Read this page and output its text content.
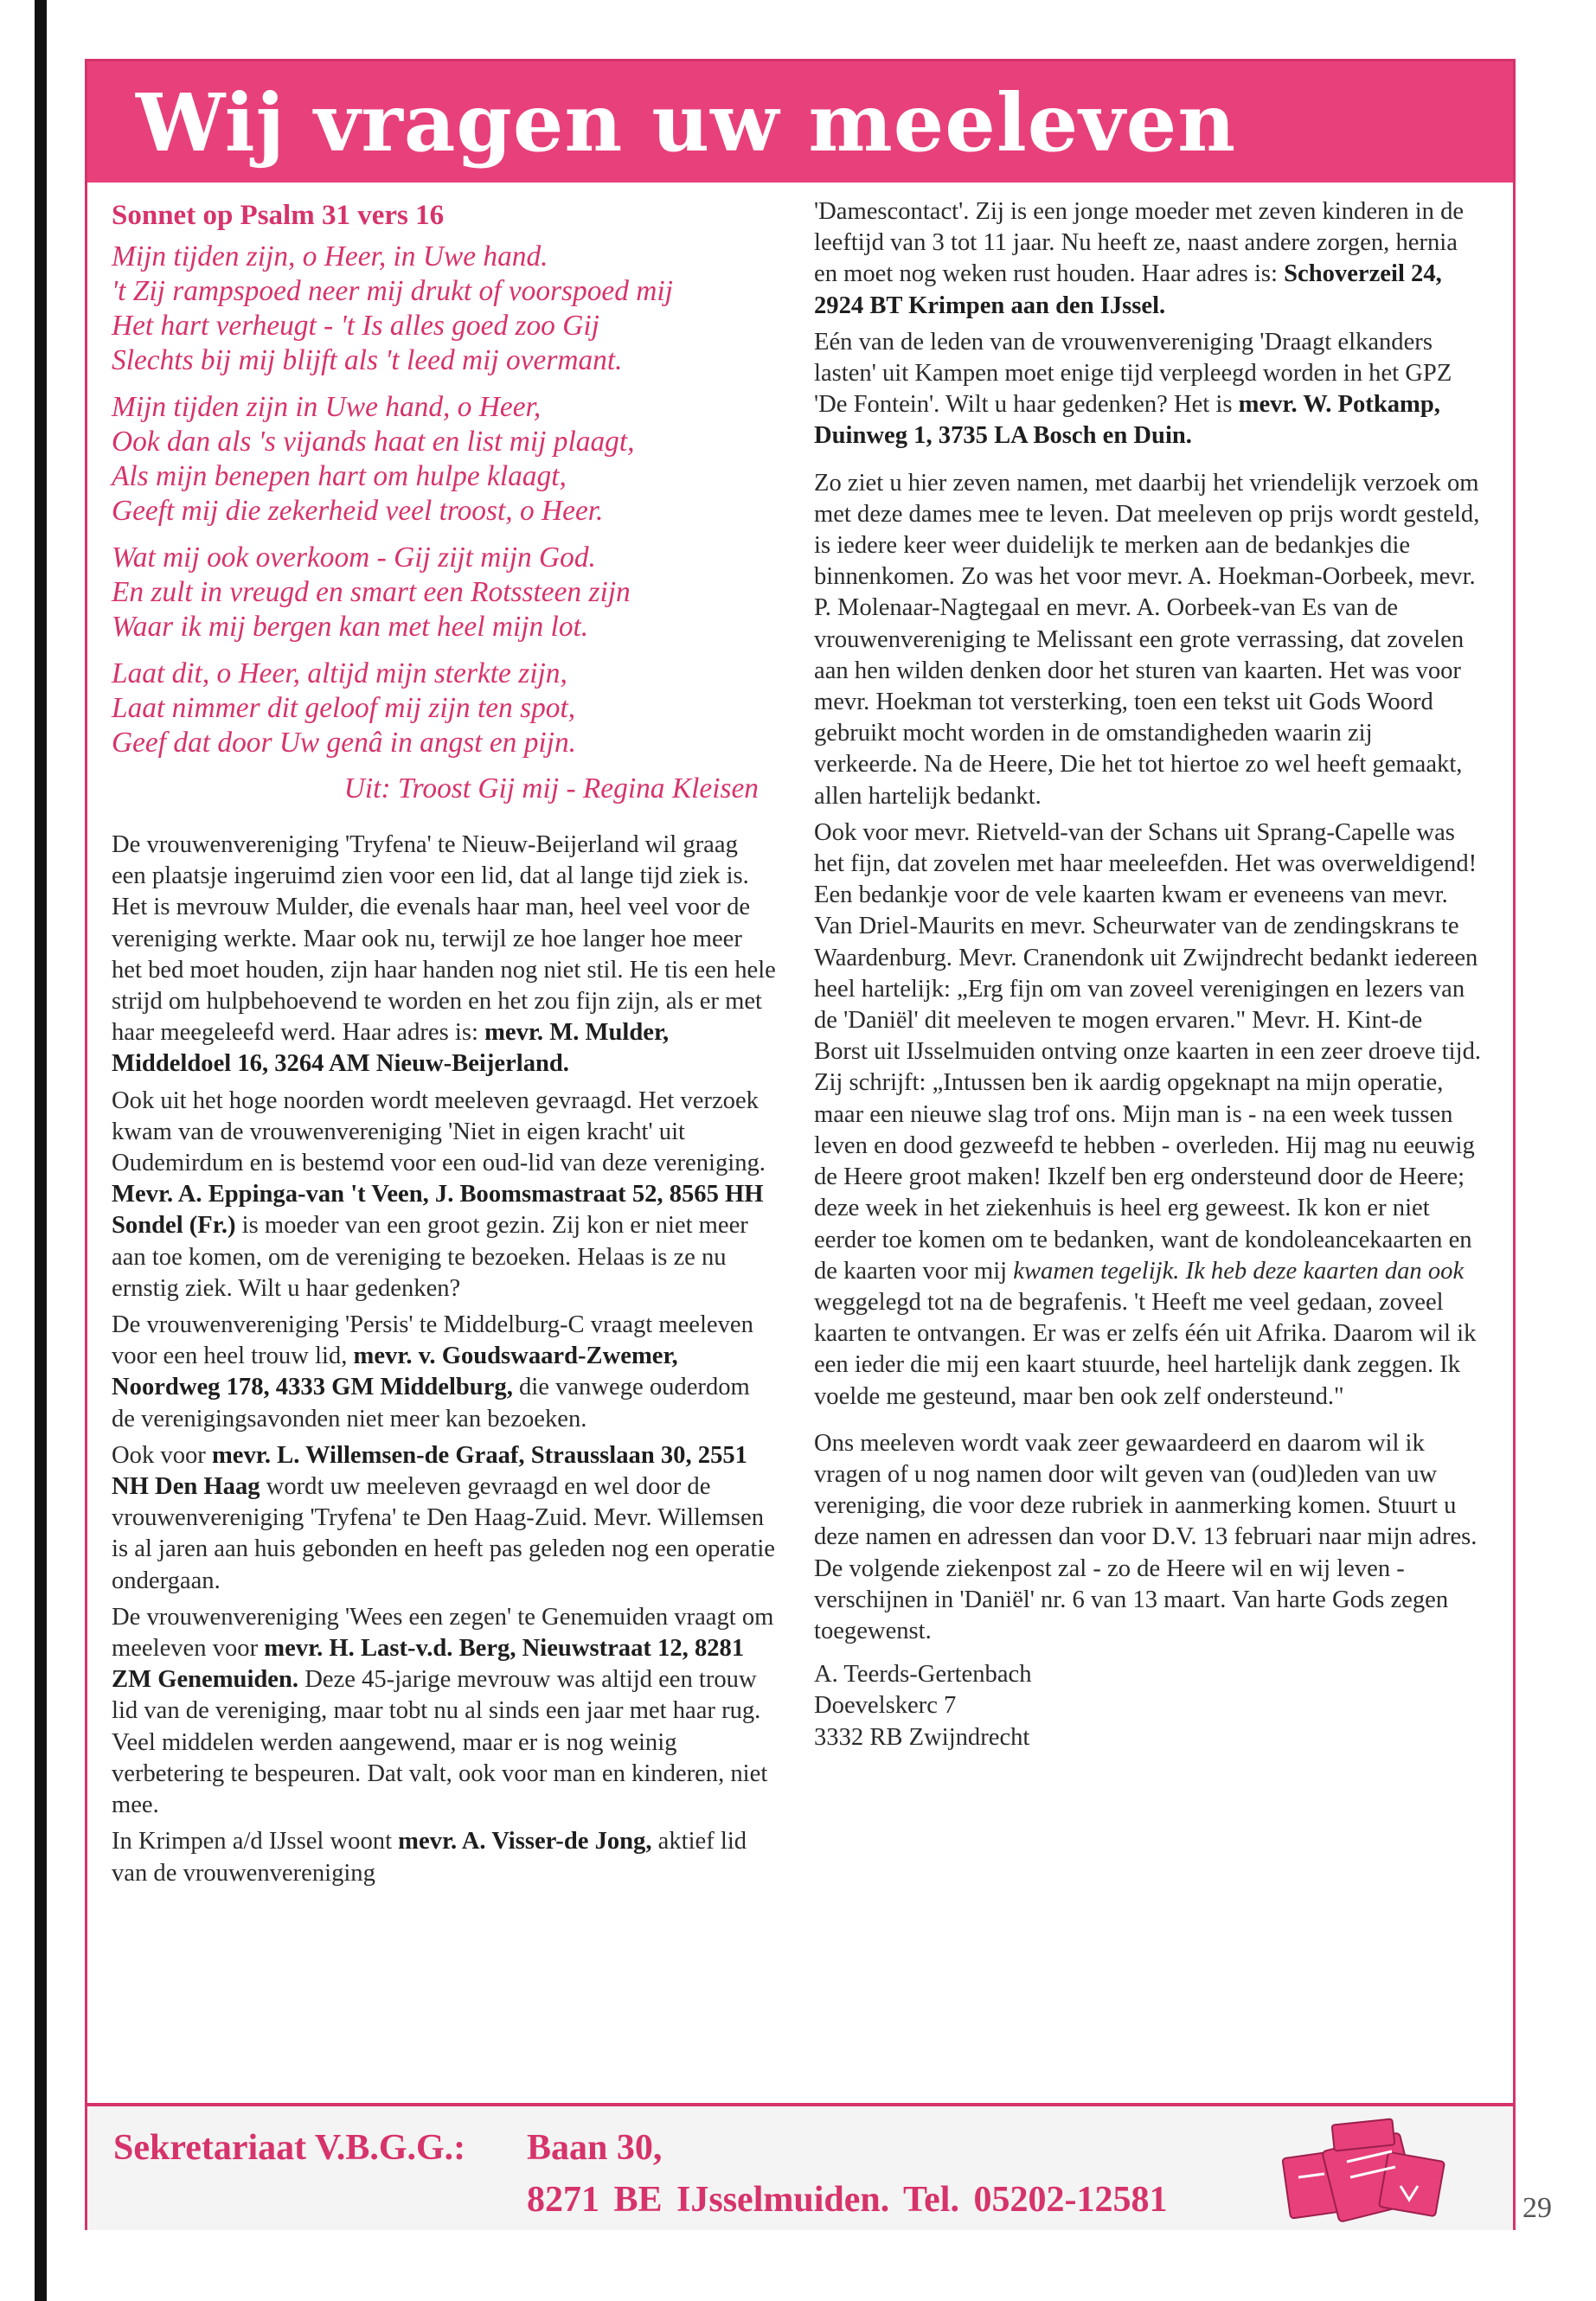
Wij vragen uw meeleven
Sonnet op Psalm 31 vers 16
Mijn tijden zijn, o Heer, in Uwe hand.
't Zij rampspoed neer mij drukt of voorspoed mij
Het hart verheugt - 't Is alles goed zoo Gij
Slechts bij mij blijft als 't leed mij overmant.
Mijn tijden zijn in Uwe hand, o Heer,
Ook dan als 's vijands haat en list mij plaagt,
Als mijn benepen hart om hulpe klaagt,
Geeft mij die zekerheid veel troost, o Heer.
Wat mij ook overkoom - Gij zijt mijn God.
En zult in vreugd en smart een Rotssteen zijn
Waar ik mij bergen kan met heel mijn lot.
Laat dit, o Heer, altijd mijn sterkte zijn,
Laat nimmer dit geloof mij zijn ten spot,
Geef dat door Uw genâ in angst en pijn.
Uit: Troost Gij mij - Regina Kleisen

De vrouwenvereniging 'Tryfena' te Nieuw-Beijerland wil graag een plaatsje ingeruimd zien voor een lid, dat al lange tijd ziek is. Het is mevrouw Mulder, die evenals haar man, heel veel voor de vereniging werkte. Maar ook nu, terwijl ze hoe langer hoe meer het bed moet houden, zijn haar handen nog niet stil. He tis een hele strijd om hulpbehoevend te worden en het zou fijn zijn, als er met haar meegeleefd werd. Haar adres is: mevr. M. Mulder, Middeldoel 16, 3264 AM Nieuw-Beijerland.

Ook uit het hoge noorden wordt meeleven gevraagd. Het verzoek kwam van de vrouwenvereniging 'Niet in eigen kracht' uit Oudemirdum en is bestemd voor een oud-lid van deze vereniging. Mevr. A. Eppinga-van 't Veen, J. Boomsmastraat 52, 8565 HH Sondel (Fr.) is moeder van een groot gezin. Zij kon er niet meer aan toe komen, om de vereniging te bezoeken. Helaas is ze nu ernstig ziek. Wilt u haar gedenken?

De vrouwenvereniging 'Persis' te Middelburg-C vraagt meeleven voor een heel trouw lid, mevr. v. Goudswaard-Zwemer, Noordweg 178, 4333 GM Middelburg, die vanwege ouderdom de verenigingsavonden niet meer kan bezoeken.

Ook voor mevr. L. Willemsen-de Graaf, Strausslaan 30, 2551 NH Den Haag wordt uw meeleven gevraagd en wel door de vrouwenvereniging 'Tryfena' te Den Haag-Zuid. Mevr. Willemsen is al jaren aan huis gebonden en heeft pas geleden nog een operatie ondergaan.

De vrouwenvereniging 'Wees een zegen' te Genemuiden vraagt om meeleven voor mevr. H. Last-v.d. Berg, Nieuwstraat 12, 8281 ZM Genemuiden. Deze 45-jarige mevrouw was altijd een trouw lid van de vereniging, maar tobt nu al sinds een jaar met haar rug. Veel middelen werden aangewend, maar er is nog weinig verbetering te bespeuren. Dat valt, ook voor man en kinderen, niet mee.

In Krimpen a/d IJssel woont mevr. A. Visser-de Jong, aktief lid van de vrouwenvereniging

'Damescontact'. Zij is een jonge moeder met zeven kinderen in de leeftijd van 3 tot 11 jaar. Nu heeft ze, naast andere zorgen, hernia en moet nog weken rust houden. Haar adres is: Schoverzeil 24, 2924 BT Krimpen aan den IJssel.

Eén van de leden van de vrouwenvereniging 'Draagt elkanders lasten' uit Kampen moet enige tijd verpleegd worden in het GPZ 'De Fontein'. Wilt u haar gedenken? Het is mevr. W. Potkamp, Duinweg 1, 3735 LA Bosch en Duin.

Zo ziet u hier zeven namen, met daarbij het vriendelijk verzoek om met deze dames mee te leven. Dat meeleven op prijs wordt gesteld, is iedere keer weer duidelijk te merken aan de bedankjes die binnenkomen. Zo was het voor mevr. A. Hoekman-Oorbeek, mevr. P. Molenaar-Nagtegaal en mevr. A. Oorbeek-van Es van de vrouwenvereniging te Melissant een grote verrassing, dat zovelen aan hen wilden denken door het sturen van kaarten. Het was voor mevr. Hoekman tot versterking, toen een tekst uit Gods Woord gebruikt mocht worden in de omstandigheden waarin zij verkeerde. Na de Heere, Die het tot hiertoe zo wel heeft gemaakt, allen hartelijk bedankt.

Ook voor mevr. Rietveld-van der Schans uit Sprang-Capelle was het fijn, dat zovelen met haar meeleefden. Het was overweldigend! Een bedankje voor de vele kaarten kwam er eveneens van mevr. Van Driel-Maurits en mevr. Scheurwater van de zendingskrans te Waardenburg. Mevr. Cranendonk uit Zwijndrecht bedankt iedereen heel hartelijk: „Erg fijn om van zoveel verenigingen en lezers van de 'Daniël' dit meeleven te mogen ervaren." Mevr. H. Kint-de Borst uit IJsselmuiden ontving onze kaarten in een zeer droeve tijd. Zij schrijft: „Intussen ben ik aardig opgeknapt na mijn operatie, maar een nieuwe slag trof ons. Mijn man is - na een week tussen leven en dood gezweefd te hebben - overleden. Hij mag nu eeuwig de Heere groot maken! Ikzelf ben erg ondersteund door de Heere; deze week in het ziekenhuis is heel erg geweest. Ik kon er niet eerder toe komen om te bedanken, want de kondoleancekaarten en de kaarten voor mij kwamen tegelijk. Ik heb deze kaarten dan ook weggelegd tot na de begrafenis. 't Heeft me veel gedaan, zoveel kaarten te ontvangen. Er was er zelfs één uit Afrika. Daarom wil ik een ieder die mij een kaart stuurde, heel hartelijk dank zeggen. Ik voelde me gesteund, maar ben ook zelf ondersteund."

Ons meeleven wordt vaak zeer gewaardeerd en daarom wil ik vragen of u nog namen door wilt geven van (oud)leden van uw vereniging, die voor deze rubriek in aanmerking komen. Stuurt u deze namen en adressen dan voor D.V. 13 februari naar mijn adres. De volgende ziekenpost zal - zo de Heere wil en wij leven - verschijnen in 'Daniël' nr. 6 van 13 maart. Van harte Gods zegen toegewenst.

A. Teerds-Gertenbach
Doevelskerc 7
3332 RB Zwijndrecht
Sekretariaat V.B.G.G.: Baan 30,
8271 BE IJsselmuiden. Tel. 05202-12581	29
